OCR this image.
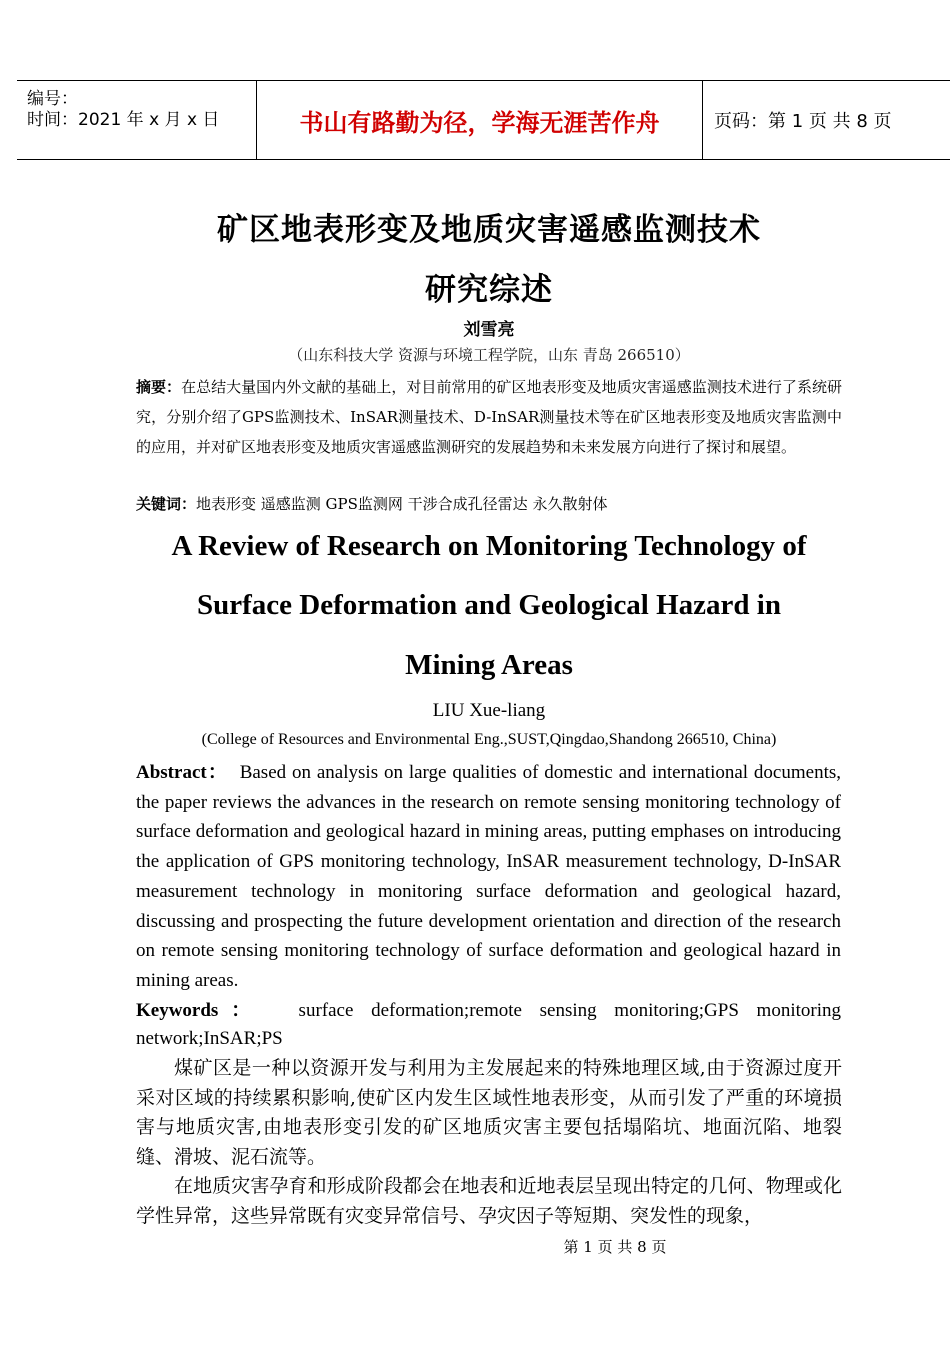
编号：
时间：2021 年 x 月 x 日	书山有路勤为径，学海无涯苦作舟	页码：第 1 页 共 8 页
矿区地表形变及地质灾害遥感监测技术
研究综述
刘雪亮
（山东科技大学 资源与环境工程学院，山东 青岛 266510）
摘要：在总结大量国内外文献的基础上，对目前常用的矿区地表形变及地质灾害遥感监测技术进行了系统研究，分别介绍了GPS监测技术、InSAR测量技术、D-InSAR测量技术等在矿区地表形变及地质灾害监测中的应用，并对矿区地表形变及地质灾害遥感监测研究的发展趋势和未来发展方向进行了探讨和展望。
关键词：地表形变 遥感监测 GPS监测网 干涉合成孔径雷达 永久散射体
A Review of Research on Monitoring Technology of
Surface Deformation and Geological Hazard in
Mining Areas
LIU Xue-liang
(College of Resources and Environmental Eng.,SUST,Qingdao,Shandong 266510, China)
Abstract： Based on analysis on large qualities of domestic and international documents, the paper reviews the advances in the research on remote sensing monitoring technology of surface deformation and geological hazard in mining areas, putting emphases on introducing the application of GPS monitoring technology, InSAR measurement technology, D-InSAR measurement technology in monitoring surface deformation and geological hazard, discussing and prospecting the future development orientation and direction of the research on remote sensing monitoring technology of surface deformation and geological hazard in mining areas.
Keywords： surface deformation;remote sensing monitoring;GPS monitoring network;InSAR;PS
煤矿区是一种以资源开发与利用为主发展起来的特殊地理区域,由于资源过度开采对区域的持续累积影响,使矿区内发生区域性地表形变，从而引发了严重的环境损害与地质灾害,由地表形变引发的矿区地质灾害主要包括塌陷坑、地面沉陷、地裂缝、滑坡、泥石流等。
在地质灾害孕育和形成阶段都会在地表和近地表层呈现出特定的几何、物理或化学性异常，这些异常既有灾变异常信号、孕灾因子等短期、突发性的现象，
第 1 页 共 8 页
